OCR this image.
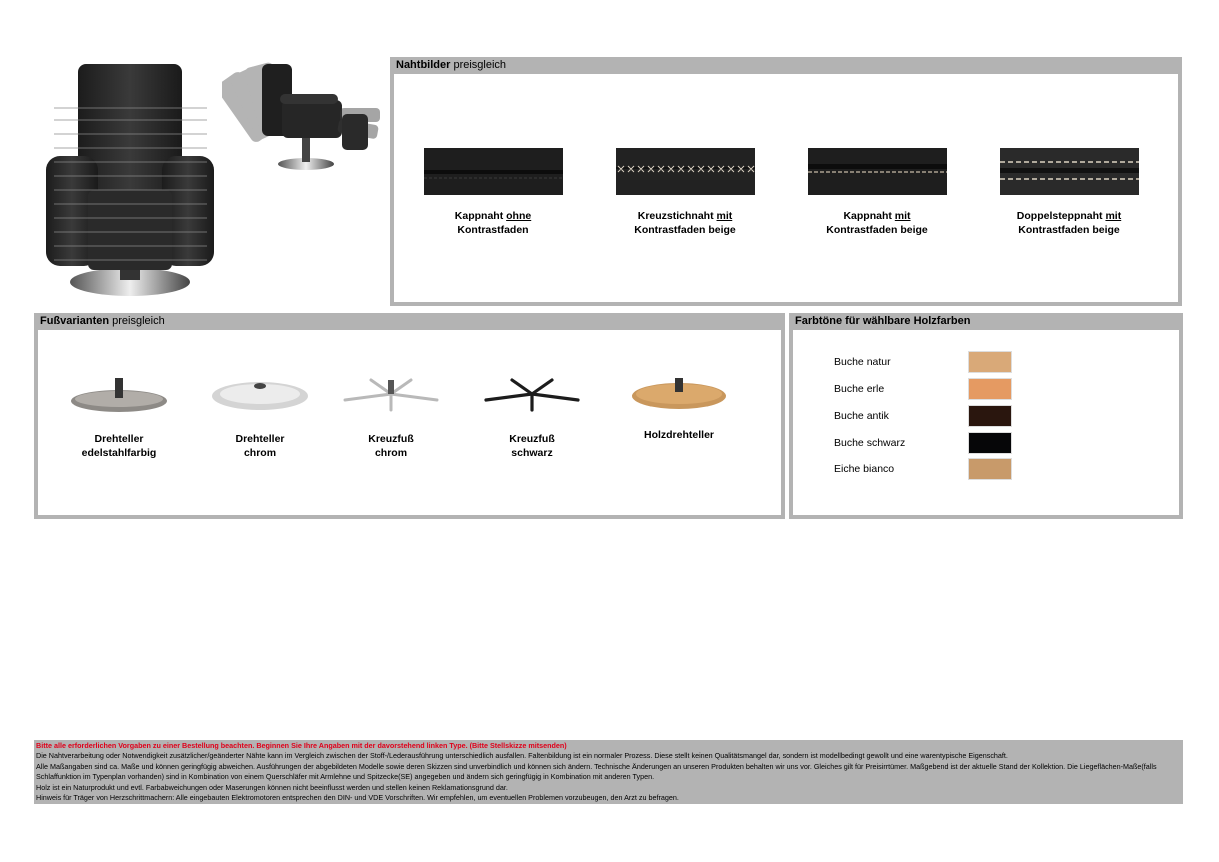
Nahtbilder preisgleich
Kappnaht ohne
Kontrastfaden
Kreuzstichnaht mit
Kontrastfaden beige
Kappnaht mit
Kontrastfaden beige
Doppelsteppnaht mit
Kontrastfaden beige
Fußvarianten preisgleich
Drehteller
edelstahlfarbig
Drehteller
chrom
Kreuzfuß
chrom
Kreuzfuß
schwarz
Holzdrehteller
Farbtöne für wählbare Holzfarben
Buche natur
Buche erle
Buche antik
Buche schwarz
Eiche bianco
Bitte alle erforderlichen Vorgaben zu einer Bestellung beachten. Beginnen Sie Ihre Angaben mit der davorstehend linken Type. (Bitte Stellskizze mitsenden)
Die Nahtverarbeitung oder Notwendigkeit zusätzlicher/geänderter Nähte kann im Vergleich zwischen der Stoff-/Lederausführung unterschiedlich ausfallen. Faltenbildung ist ein normaler Prozess. Diese stellt keinen Qualitätsmangel dar, sondern ist modellbedingt gewollt und eine warentypische Eigenschaft.
Alle Maßangaben sind ca. Maße und können geringfügig abweichen. Ausführungen der abgebildeten Modelle sowie deren Skizzen sind unverbindlich und können sich ändern. Technische Änderungen an unseren Produkten behalten wir uns vor. Gleiches gilt für Preisirrtümer. Maßgebend ist der aktuelle Stand der Kollektion. Die Liegeflächen-Maße(falls Schlaffunktion im Typenplan vorhanden) sind in Kombination von einem Querschläfer mit Armlehne und Spitzecke(SE) angegeben und ändern sich geringfügig in Kombination mit anderen Typen.
Holz ist ein Naturprodukt und evtl. Farbabweichungen oder Maserungen können nicht beeinflusst werden und stellen keinen Reklamationsgrund dar.
Hinweis für Träger von Herzschrittmachern: Alle eingebauten Elektromotoren entsprechen den DIN- und VDE Vorschriften. Wir empfehlen, um eventuellen Problemen vorzubeugen, den Arzt zu befragen.
